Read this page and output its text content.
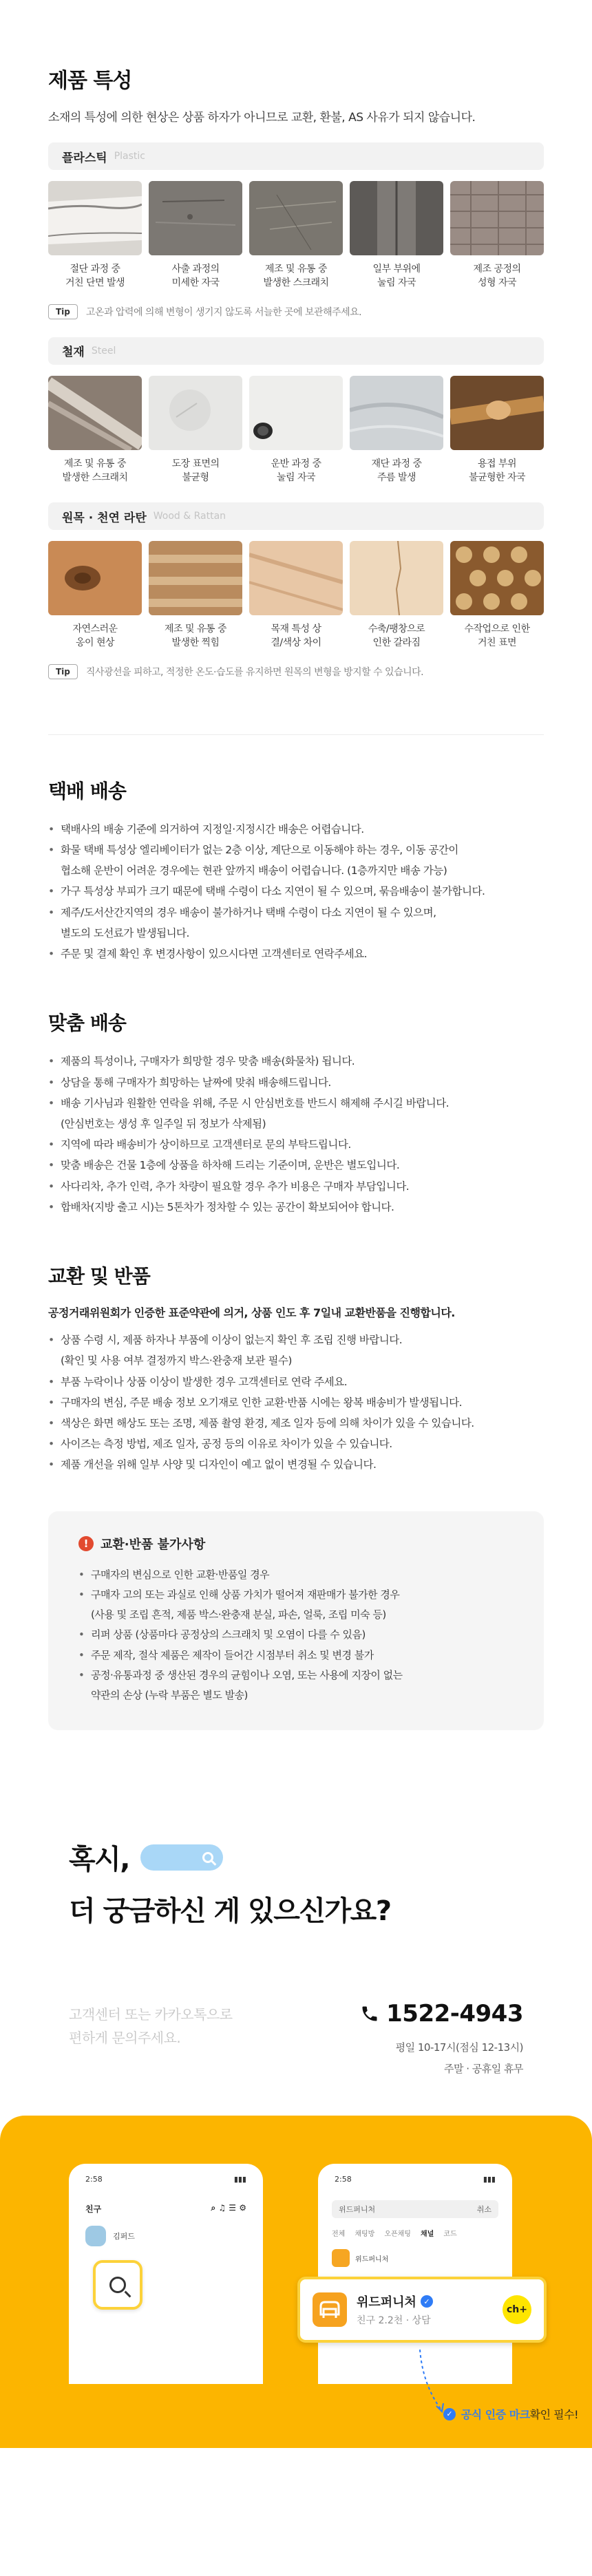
제품 특성

소재의 특성에 의한 현상은 상품 하자가 아니므로 교환, 환불, AS 사유가 되지 않습니다.

플라스틱 Plastic

절단 과정 중
거친 단면 발생

사출 과정의
미세한 자국

제조 및 유통 중
발생한 스크래치

일부 부위에
눌림 자국

제조 공정의
성형 자국

Tip	고온과 압력에 의해 변형이 생기지 않도록 서늘한 곳에 보관해주세요.
철재 Steel

제조 및 유통 중
발생한 스크래치

도장 표면의
불균형

운반 과정 중
눌림 자국

재단 과정 중
주름 발생

용접 부위
불균형한 자국

원목 · 천연 라탄 Wood & Rattan

자연스러운
옹이 현상

제조 및 유통 중
발생한 찍힘

목재 특성 상
결/색상 차이

수축/팽창으로
인한 갈라짐

수작업으로 인한
거친 표면

Tip	직사광선을 피하고, 적정한 온도·습도를 유지하면 원목의 변형을 방지할 수 있습니다.
택배 배송
• 택배사의 배송 기준에 의거하여 지정일·지정시간 배송은 어렵습니다.
• 화물 택배 특성상 엘리베이터가 없는 2층 이상, 계단으로 이동해야 하는 경우, 이동 공간이
협소해 운반이 어려운 경우에는 현관 앞까지 배송이 어렵습니다. (1층까지만 배송 가능)
• 가구 특성상 부피가 크기 때문에 택배 수령이 다소 지연이 될 수 있으며, 묶음배송이 불가합니다.
• 제주/도서산간지역의 경우 배송이 불가하거나 택배 수령이 다소 지연이 될 수 있으며,
별도의 도선료가 발생됩니다.
• 주문 및 결제 확인 후 변경사항이 있으시다면 고객센터로 연락주세요.
맞춤 배송
• 제품의 특성이나, 구매자가 희망할 경우 맞춤 배송(화물차) 됩니다.
• 상담을 통해 구매자가 희망하는 날짜에 맞춰 배송해드립니다.
• 배송 기사님과 원활한 연락을 위해, 주문 시 안심번호를 반드시 해제해 주시길 바랍니다.
(안심번호는 생성 후 일주일 뒤 정보가 삭제됨)
• 지역에 따라 배송비가 상이하므로 고객센터로 문의 부탁드립니다.
• 맞춤 배송은 건물 1층에 상품을 하차해 드리는 기준이며, 운반은 별도입니다.
• 사다리차, 추가 인력, 추가 차량이 필요할 경우 추가 비용은 구매자 부담입니다.
• 합배차(지방 출고 시)는 5톤차가 정차할 수 있는 공간이 확보되어야 합니다.
교환 및 반품

공정거래위원회가 인증한 표준약관에 의거, 상품 인도 후 7일내 교환반품을 진행합니다.

• 상품 수령 시, 제품 하자나 부품에 이상이 없는지 확인 후 조립 진행 바랍니다.
(확인 및 사용 여부 결정까지 박스·완충재 보관 필수)
• 부품 누락이나 상품 이상이 발생한 경우 고객센터로 연락 주세요.
• 구매자의 변심, 주문 배송 정보 오기재로 인한 교환·반품 시에는 왕복 배송비가 발생됩니다.
• 색상은 화면 해상도 또는 조명, 제품 촬영 환경, 제조 일자 등에 의해 차이가 있을 수 있습니다.
• 사이즈는 측정 방법, 제조 일자, 공정 등의 이유로 차이가 있을 수 있습니다.
• 제품 개선을 위해 일부 사양 및 디자인이 예고 없이 변경될 수 있습니다.
! 교환·반품 불가사항
• 구매자의 변심으로 인한 교환·반품일 경우
• 구매자 고의 또는 과실로 인해 상품 가치가 떨어져 재판매가 불가한 경우
(사용 및 조립 흔적, 제품 박스·완충재 분실, 파손, 얼룩, 조립 미숙 등)
• 리퍼 상품 (상품마다 공정상의 스크래치 및 오염이 다를 수 있음)
• 주문 제작, 절삭 제품은 제작이 들어간 시점부터 취소 및 변경 불가
• 공정·유통과정 중 생산된 경우의 균힘이나 오염, 또는 사용에 지장이 없는
약관의 손상 (누락 부품은 별도 발송)
혹시,
더 궁금하신 게 있으신가요?
고객센터 또는 카카오톡으로
편하게 문의주세요.
1522-4943
평일 10-17시(점심 12-13시)
주말 · 공휴일 휴무
2:58	▮▮▮
친구	⌕ ♫ ☰ ⚙
김퍼드
2:58	▮▮▮
위드퍼니처	취소
전체 채팅방 오픈채팅 채널 코드
위드퍼니처
위드퍼니처 ✓
친구 2.2천 · 상담
ch+
✓ 공식 인증 마크 확인 필수!
